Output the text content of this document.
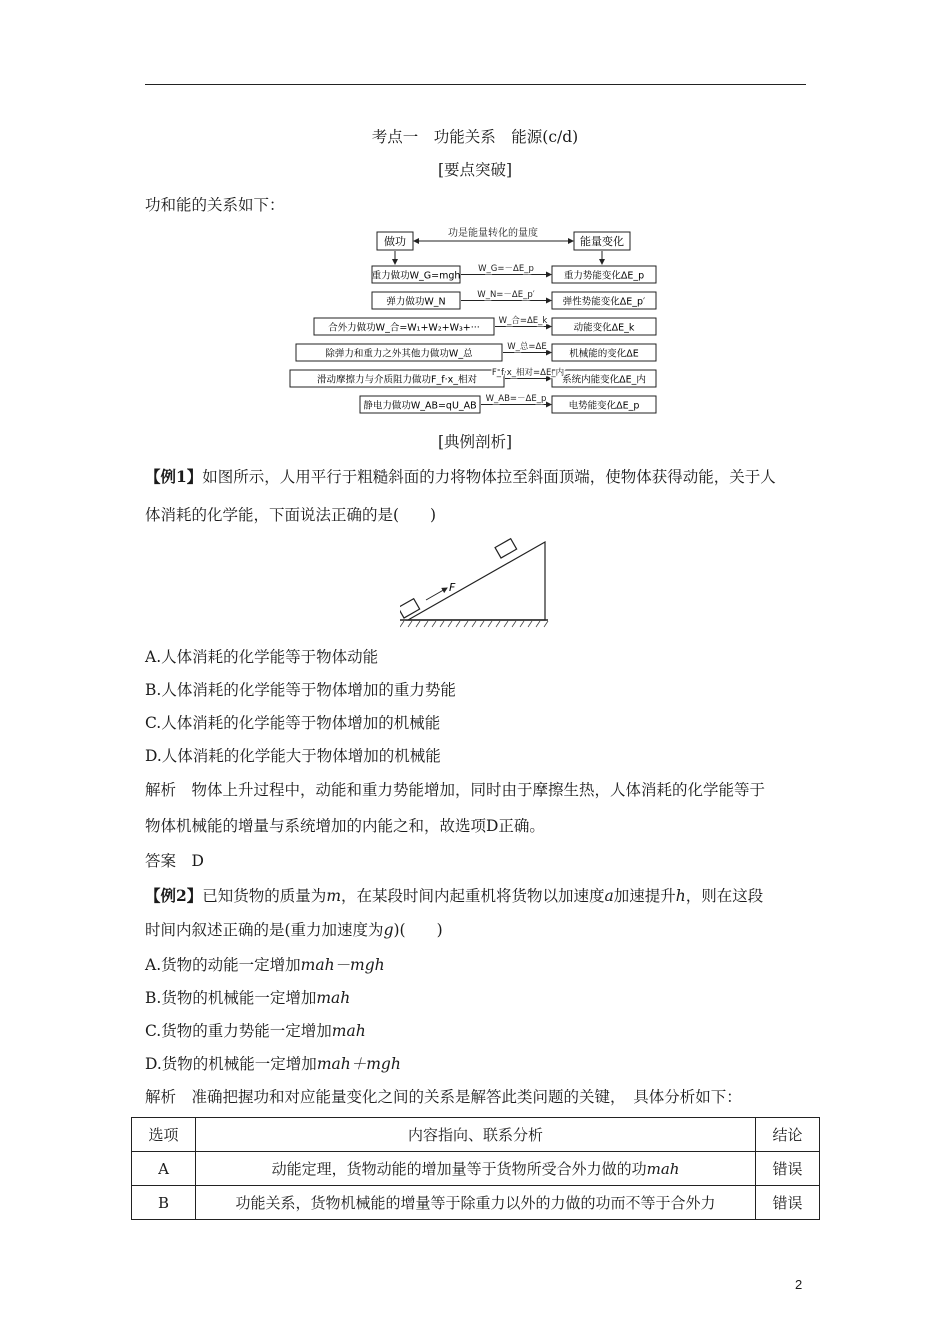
考点一　功能关系　能源(c/d)
[要点突破]
功和能的关系如下：
做功	能量变化
功是能量转化的量度
重力做功W_G=mgh	重力势能变化ΔE_p
W_G=－ΔE_p
弹力做功W_N	弹性势能变化ΔE_p′
W_N=－ΔE_p′
合外力做功W_合=W₁+W₂+W₃+···	动能变化ΔE_k
W_合=ΔE_k
除弹力和重力之外其他力做功W_总	机械能的变化ΔE
W_总=ΔE
滑动摩擦力与介质阻力做功F_f·x_相对	系统内能变化ΔE_内
F_f·x_相对=ΔE_内
静电力做功W_AB=qU_AB	电势能变化ΔE_p
W_AB=－ΔE_p
[典例剖析]
【例1】如图所示，人用平行于粗糙斜面的力将物体拉至斜面顶端，使物体获得动能，关于人
体消耗的化学能，下面说法正确的是(　　)
F
A.人体消耗的化学能等于物体动能
B.人体消耗的化学能等于物体增加的重力势能
C.人体消耗的化学能等于物体增加的机械能
D.人体消耗的化学能大于物体增加的机械能
解析　物体上升过程中，动能和重力势能增加，同时由于摩擦生热，人体消耗的化学能等于
物体机械能的增量与系统增加的内能之和，故选项D正确。
答案　D
【例2】已知货物的质量为m，在某段时间内起重机将货物以加速度a加速提升h，则在这段
时间内叙述正确的是(重力加速度为g)(　　)
A.货物的动能一定增加mah－mgh
B.货物的机械能一定增加mah
C.货物的重力势能一定增加mah
D.货物的机械能一定增加mah＋mgh
解析　准确把握功和对应能量变化之间的关系是解答此类问题的关键，　具体分析如下：
选项	内容指向、联系分析	结论
A	动能定理，货物动能的增加量等于货物所受合外力做的功mah	错误
B	功能关系，货物机械能的增量等于除重力以外的力做的功而不等于合外力	错误
2
